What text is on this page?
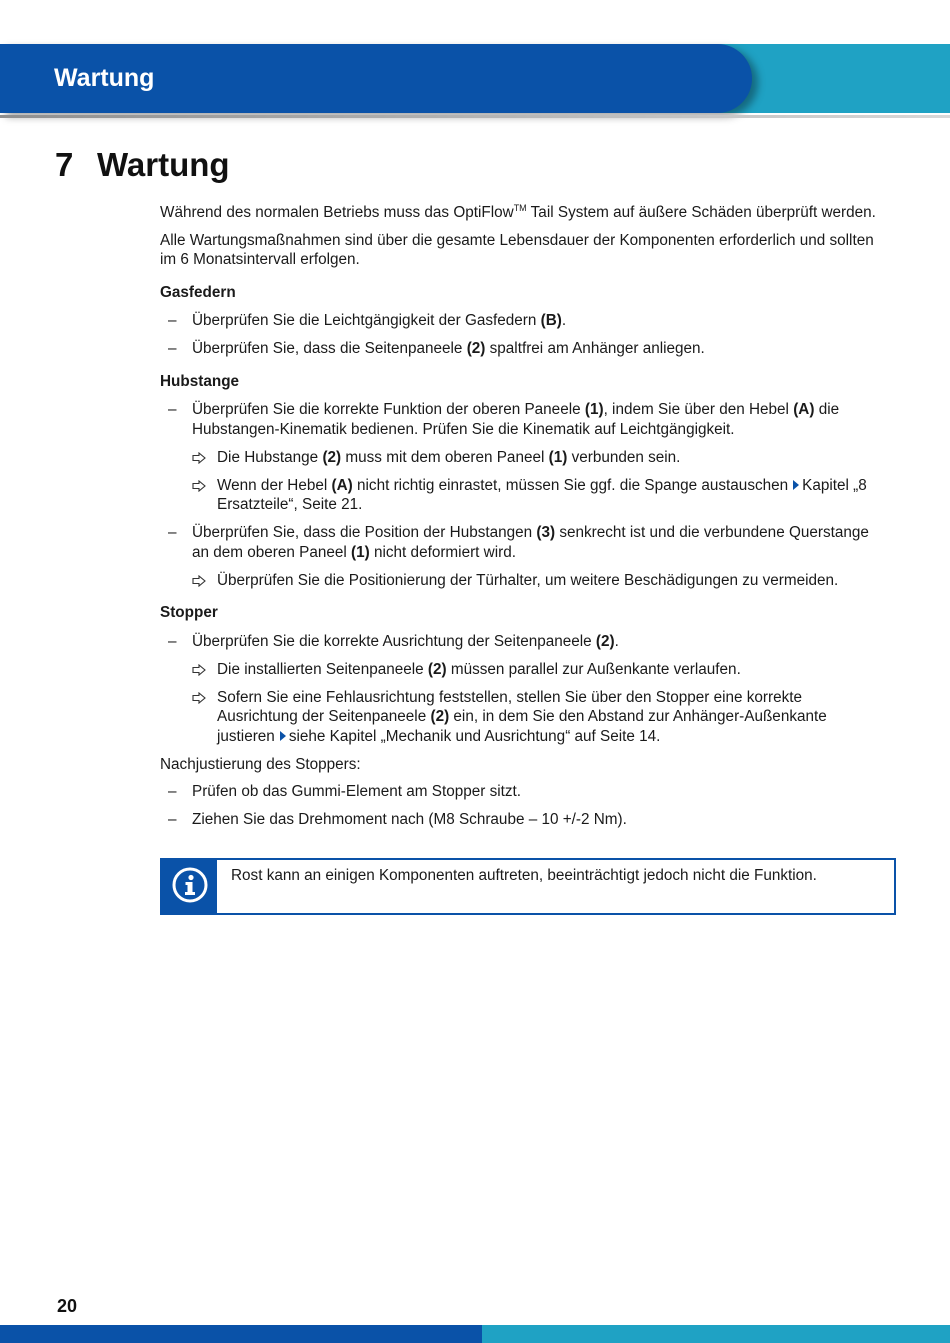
Wartung
7 Wartung

Während des normalen Betriebs muss das OptiFlow™ Tail System auf äußere Schäden überprüft werden.

Alle Wartungsmaßnahmen sind über die gesamte Lebensdauer der Komponenten erforderlich und sollten im 6 Monatsintervall erfolgen.

Gasfedern
– Überprüfen Sie die Leichtgängigkeit der Gasfedern (B).
– Überprüfen Sie, dass die Seitenpaneele (2) spaltfrei am Anhänger anliegen.
Hubstange
– Überprüfen Sie die korrekte Funktion der oberen Paneele (1), indem Sie über den Hebel (A) die Hubstangen-Kinematik bedienen. Prüfen Sie die Kinematik auf Leichtgängigkeit.
Die Hubstange (2) muss mit dem oberen Paneel (1) verbunden sein.
Wenn der Hebel (A) nicht richtig einrastet, müssen Sie ggf. die Spange austauschen Kapitel „8 Ersatzteile“, Seite 21.
– Überprüfen Sie, dass die Position der Hubstangen (3) senkrecht ist und die verbundene Querstange an dem oberen Paneel (1) nicht deformiert wird.
Überprüfen Sie die Positionierung der Türhalter, um weitere Beschädigungen zu vermeiden.
Stopper
– Überprüfen Sie die korrekte Ausrichtung der Seitenpaneele (2).
Die installierten Seitenpaneele (2) müssen parallel zur Außenkante verlaufen.
Sofern Sie eine Fehlausrichtung feststellen, stellen Sie über den Stopper eine korrekte Ausrichtung der Seitenpaneele (2) ein, in dem Sie den Abstand zur Anhänger-Außenkante justieren siehe Kapitel „Mechanik und Ausrichtung“ auf Seite 14.

Nachjustierung des Stoppers:

– Prüfen ob das Gummi-Element am Stopper sitzt.
– Ziehen Sie das Drehmoment nach (M8 Schraube – 10 +/-2 Nm).
Rost kann an einigen Komponenten auftreten, beeinträchtigt jedoch nicht die Funktion.
20
